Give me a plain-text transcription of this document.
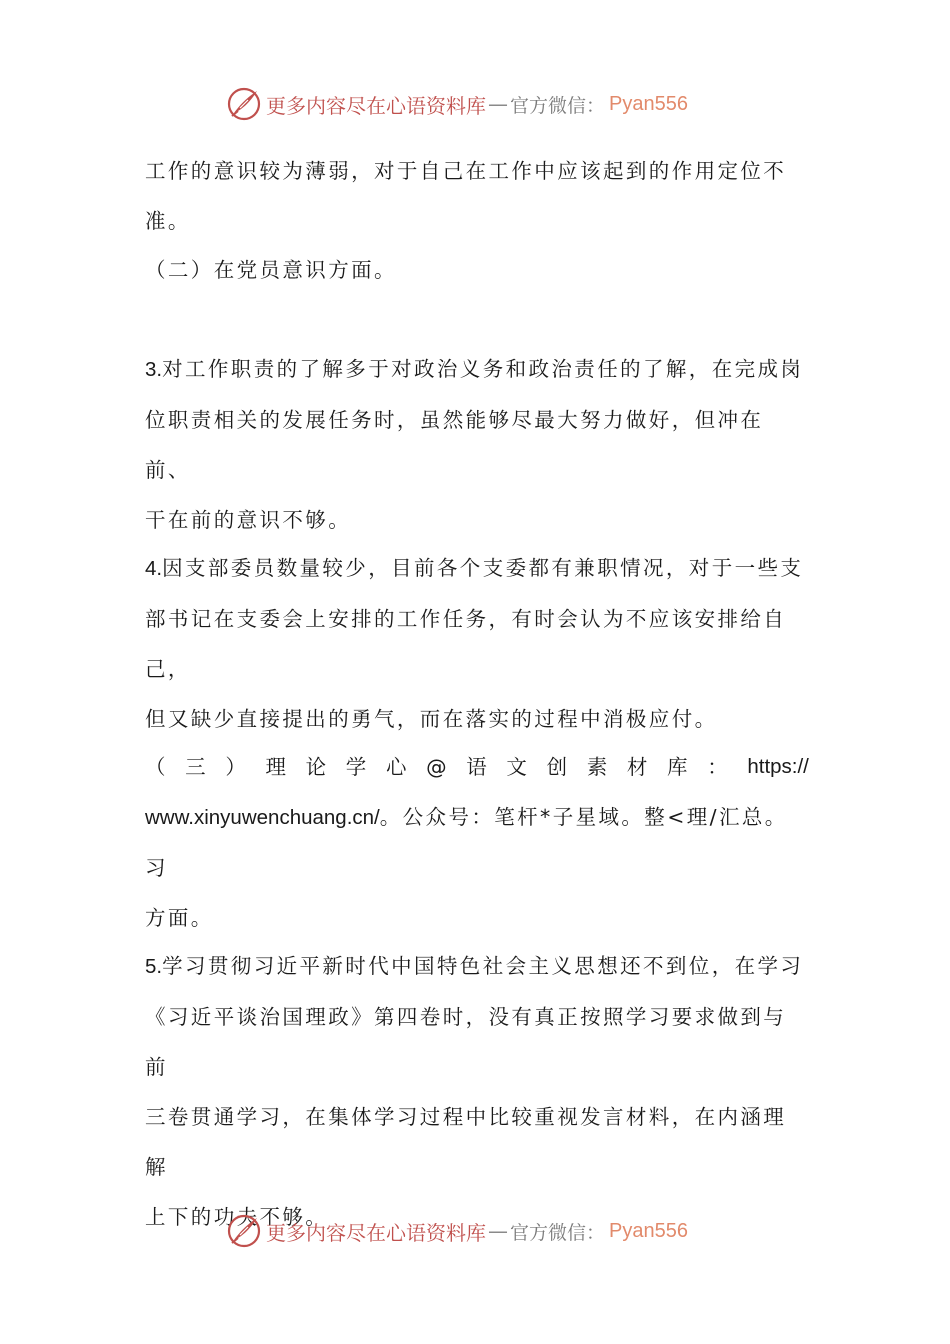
更多内容尽在心语资料库 — 官方微信： Pyan556

工作的意识较为薄弱，对于自己在工作中应该起到的作用定位不准。

（二）在党员意识方面。

3.对工作职责的了解多于对政治义务和政治责任的了解，在完成岗
位职责相关的发展任务时，虽然能够尽最大努力做好，但冲在前、
干在前的意识不够。
4.因支部委员数量较少，目前各个支委都有兼职情况，对于一些支
部书记在支委会上安排的工作任务，有时会认为不应该安排给自己，
但又缺少直接提出的勇气，而在落实的过程中消极应付。
（ 三 ） 理 论 学 心 @ 语 文 创 素 材 库 ： https://
www.xinyuwenchuang.cn/。公众号：笔杆*子星域。整<理/汇总。习
方面。
5.学习贯彻习近平新时代中国特色社会主义思想还不到位，在学习
《习近平谈治国理政》第四卷时，没有真正按照学习要求做到与前
三卷贯通学习，在集体学习过程中比较重视发言材料，在内涵理解
上下的功夫不够。
更多内容尽在心语资料库 — 官方微信： Pyan556
